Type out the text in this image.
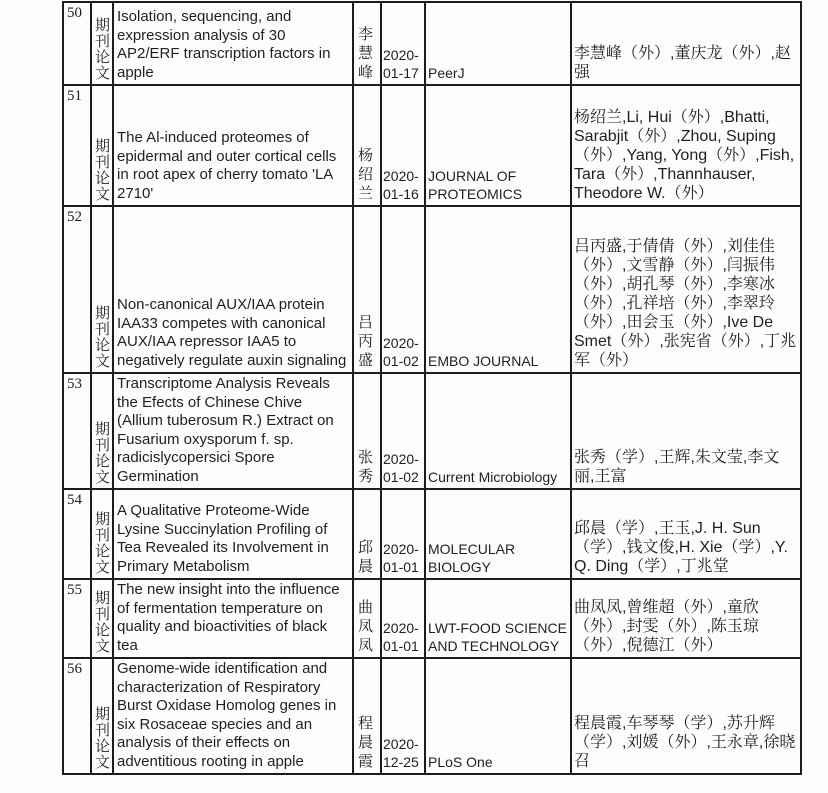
50	期刊论文	Isolation, sequencing, and expression analysis of 30 AP2/ERF transcription factors in apple	李慧峰	2020-01-17	PeerJ	李慧峰（外）,董庆龙（外）,赵强
51	期刊论文	The Al-induced proteomes of epidermal and outer cortical cells in root apex of cherry tomato 'LA 2710'	杨绍兰	2020-01-16	JOURNAL OF PROTEOMICS	杨绍兰,Li, Hui（外）,Bhatti, Sarabjit（外）,Zhou, Suping（外）,Yang, Yong（外）,Fish, Tara（外）,Thannhauser, Theodore W.（外）
52	期刊论文	Non-canonical AUX/IAA protein IAA33 competes with canonical AUX/IAA repressor IAA5 to negatively regulate auxin signaling	吕丙盛	2020-01-02	EMBO JOURNAL	吕丙盛,于倩倩（外）,刘佳佳（外）,文雪静（外）,闫振伟（外）,胡孔琴（外）,李寒冰（外）,孔祥培（外）,李翠玲（外）,田会玉（外）,Ive De Smet（外）,张宪省（外）,丁兆军（外）
53	期刊论文	Transcriptome Analysis Reveals the Efects of Chinese Chive (Allium tuberosum R.) Extract on Fusarium oxysporum f. sp. radicislycopersici Spore Germination	张秀	2020-01-02	Current Microbiology	张秀（学）,王辉,朱文莹,李文丽,王富
54	期刊论文	A Qualitative Proteome-Wide Lysine Succinylation Profiling of Tea Revealed its Involvement in Primary Metabolism	邱晨	2020-01-01	MOLECULAR BIOLOGY	邱晨（学）,王玉,J. H. Sun（学）,钱文俊,H. Xie（学）,Y. Q. Ding（学）,丁兆堂
55	期刊论文	The new insight into the influence of fermentation temperature on quality and bioactivities of black tea	曲凤凤	2020-01-01	LWT-FOOD SCIENCE AND TECHNOLOGY	曲凤凤,曾维超（外）,童欣（外）,封雯（外）,陈玉琼（外）,倪德江（外）
56	期刊论文	Genome-wide identification and characterization of Respiratory Burst Oxidase Homolog genes in six Rosaceae species and an analysis of their effects on adventitious rooting in apple	程晨霞	2020-12-25	PLoS One	程晨霞,车琴琴（学）,苏升辉（学）,刘媛（外）,王永章,徐晓召
